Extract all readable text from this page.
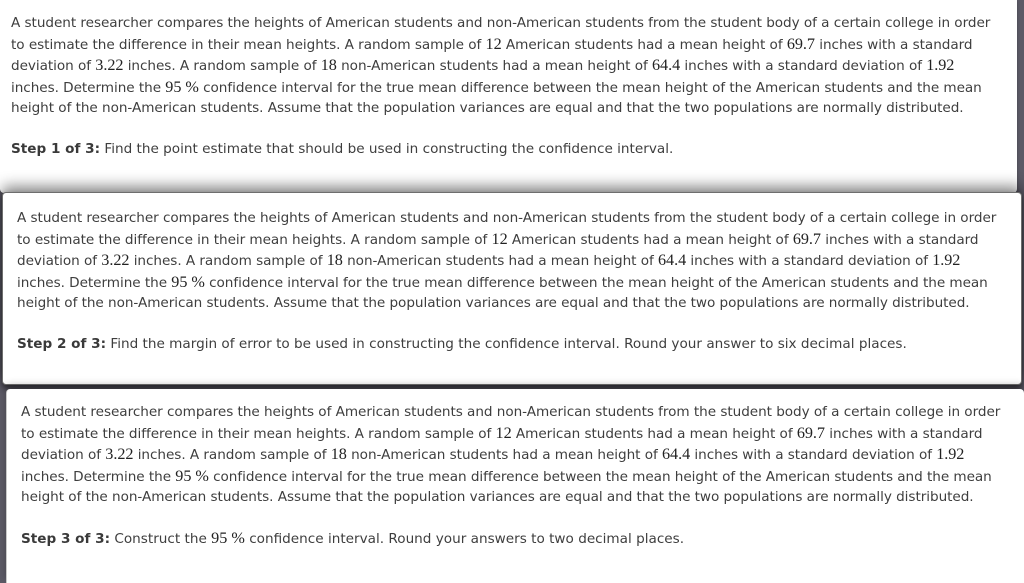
A student researcher compares the heights of American students and non-American students from the student body of a certain college in order to estimate the difference in their mean heights. A random sample of 12 American students had a mean height of 69.7 inches with a standard deviation of 3.22 inches. A random sample of 18 non-American students had a mean height of 64.4 inches with a standard deviation of 1.92 inches. Determine the 95 % confidence interval for the true mean difference between the mean height of the American students and the mean height of the non-American students. Assume that the population variances are equal and that the two populations are normally distributed.

Step 1 of 3: Find the point estimate that should be used in constructing the confidence interval.

A student researcher compares the heights of American students and non-American students from the student body of a certain college in order to estimate the difference in their mean heights. A random sample of 12 American students had a mean height of 69.7 inches with a standard deviation of 3.22 inches. A random sample of 18 non-American students had a mean height of 64.4 inches with a standard deviation of 1.92 inches. Determine the 95 % confidence interval for the true mean difference between the mean height of the American students and the mean height of the non-American students. Assume that the population variances are equal and that the two populations are normally distributed.

Step 2 of 3: Find the margin of error to be used in constructing the confidence interval. Round your answer to six decimal places.

A student researcher compares the heights of American students and non-American students from the student body of a certain college in order to estimate the difference in their mean heights. A random sample of 12 American students had a mean height of 69.7 inches with a standard deviation of 3.22 inches. A random sample of 18 non-American students had a mean height of 64.4 inches with a standard deviation of 1.92 inches. Determine the 95 % confidence interval for the true mean difference between the mean height of the American students and the mean height of the non-American students. Assume that the population variances are equal and that the two populations are normally distributed.

Step 3 of 3: Construct the 95 % confidence interval. Round your answers to two decimal places.
